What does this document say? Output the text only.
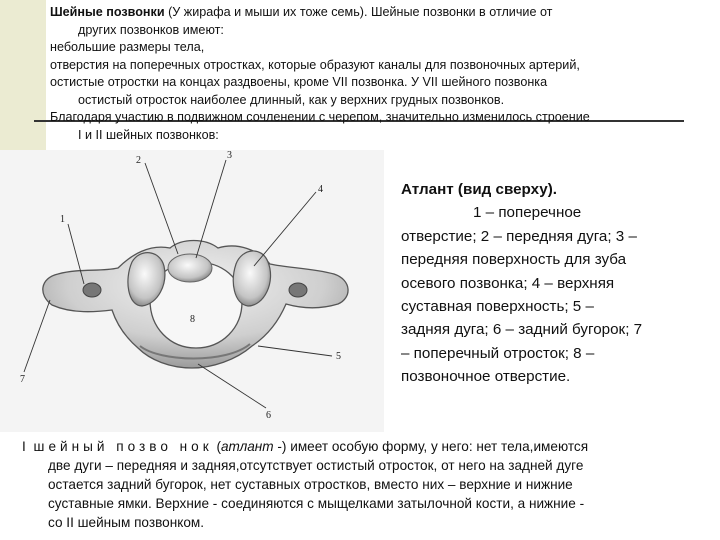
Шейные позвонки (У жирафа и мыши их тоже семь). Шейные позвонки в отличие от

других позвонков имеют:

небольшие размеры тела,

отверстия на поперечных отростках, которые образуют каналы для позвоночных артерий,

остистые отростки на концах раздвоены, кроме VII позвонка. У VII шейного позвонка

остистый отросток наиболее длинный, как у верхних грудных позвонков.

Благодаря участию в подвижном сочленении с черепом, значительно изменилось строение

I и II шейных позвонков:

1
2	3
4
5
6
7
8

Атлант (вид сверху).

1 – поперечное

отверстие; 2 – передняя дуга; 3 –

передняя поверхность для зуба

осевого позвонка; 4 – верхняя

суставная поверхность; 5 –

задняя дуга; 6 – задний бугорок; 7

– поперечный отросток; 8 –

позвоночное отверстие.

I шейный позво нок (атлант -) имеет особую форму, у него: нет тела,имеются

две дуги – передняя и задняя,отсутствует остистый отросток, от него на задней дуге

остается задний бугорок, нет суставных отростков, вместо них – верхние и нижние

суставные ямки. Верхние - соединяются с мыщелками затылочной кости, а нижние -

со II шейным позвонком.
